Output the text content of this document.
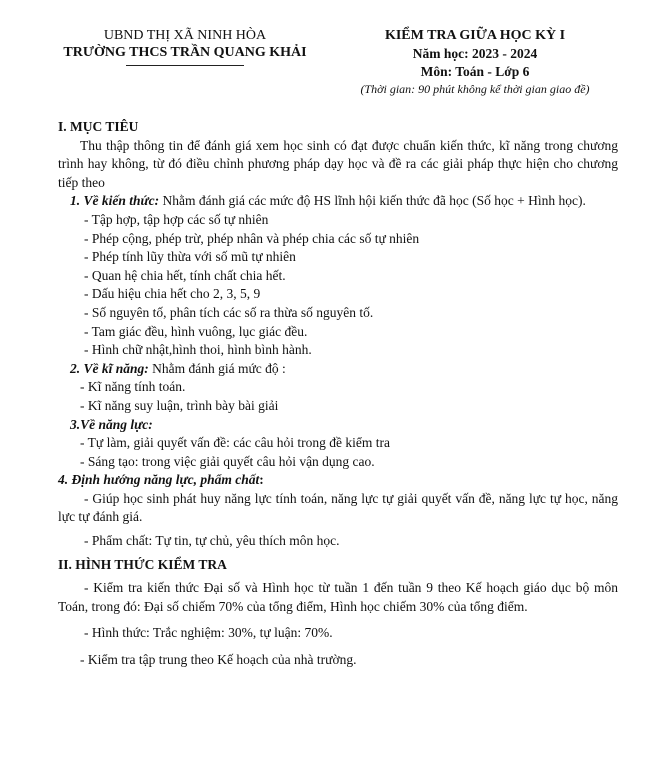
UBND THỊ XÃ NINH HÒA
TRƯỜNG THCS TRẦN QUANG KHẢI
KIỂM TRA GIỮA HỌC KỲ I
Năm học: 2023 - 2024
Môn: Toán - Lớp 6
(Thời gian: 90 phút không kể thời gian giao đề)
I. MỤC TIÊU
Thu thập thông tin để đánh giá xem học sinh có đạt được chuẩn kiến thức, kĩ năng trong chương trình hay không, từ đó điều chỉnh phương pháp dạy học và đề ra các giải pháp thực hiện cho chương tiếp theo
1. Về kiến thức: Nhằm đánh giá các mức độ HS lĩnh hội kiến thức đã học (Số học + Hình học).
- Tập hợp, tập hợp các số tự nhiên
- Phép cộng, phép trừ, phép nhân và phép chia các số tự nhiên
- Phép tính lũy thừa với số mũ tự nhiên
- Quan hệ chia hết, tính chất chia hết.
- Dấu hiệu chia hết cho 2, 3, 5, 9
- Số nguyên tố, phân tích các số ra thừa số nguyên tố.
- Tam giác đều, hình vuông, lục giác đều.
- Hình chữ nhật,hình thoi, hình bình hành.
2. Về kĩ năng: Nhằm đánh giá mức độ :
- Kĩ năng tính toán.
- Kĩ năng suy luận, trình bày bài giải
3.Về năng lực:
- Tự làm, giải quyết vấn đề: các câu hỏi trong đề kiểm tra
- Sáng tạo: trong việc giải quyết câu hỏi vận dụng cao.
4. Định hướng năng lực, phẩm chất:
- Giúp học sinh phát huy năng lực tính toán, năng lực tự giải quyết vấn đề, năng lực tự học, năng lực tự đánh giá.
- Phẩm chất: Tự tin, tự chủ, yêu thích môn học.
II. HÌNH THỨC KIỂM TRA
- Kiểm tra kiến thức Đại số và Hình học từ tuần 1 đến tuần 9 theo Kế hoạch giáo dục bộ môn Toán, trong đó: Đại số chiếm 70% của tổng điểm, Hình học chiếm 30% của tổng điểm.
- Hình thức: Trắc nghiệm: 30%, tự luận: 70%.
- Kiểm tra tập trung theo Kế hoạch của nhà trường.
